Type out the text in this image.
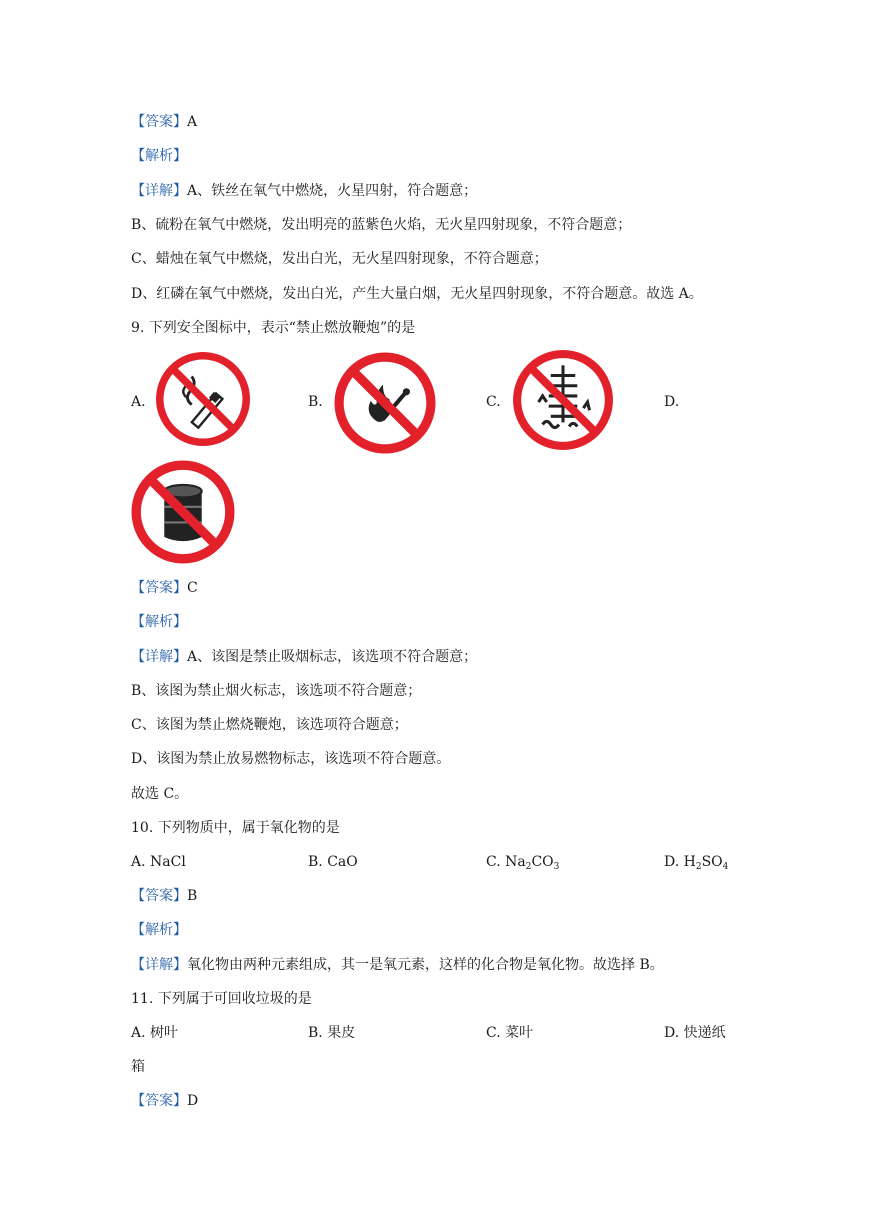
【答案】A
【解析】
【详解】A、铁丝在氧气中燃烧，火星四射，符合题意；
B、硫粉在氧气中燃烧，发出明亮的蓝紫色火焰，无火星四射现象，不符合题意；
C、蜡烛在氧气中燃烧，发出白光，无火星四射现象，不符合题意；
D、红磷在氧气中燃烧，发出白光，产生大量白烟，无火星四射现象，不符合题意。故选 A。
9. 下列安全图标中，表示“禁止燃放鞭炮”的是
A.	B.	C.	D.
【答案】C
【解析】
【详解】A、该图是禁止吸烟标志，该选项不符合题意；
B、该图为禁止烟火标志，该选项不符合题意；
C、该图为禁止燃烧鞭炮，该选项符合题意；
D、该图为禁止放易燃物标志，该选项不符合题意。
故选 C。
10. 下列物质中，属于氧化物的是
A. NaCl	B. CaO	C. $Na_2CO_3$	D. $H_2SO_4$
【答案】B
【解析】
【详解】氧化物由两种元素组成，其一是氧元素，这样的化合物是氧化物。故选择 B。
11. 下列属于可回收垃圾的是
A. 树叶	B. 果皮	C. 菜叶	D. 快递纸
箱
【答案】D
